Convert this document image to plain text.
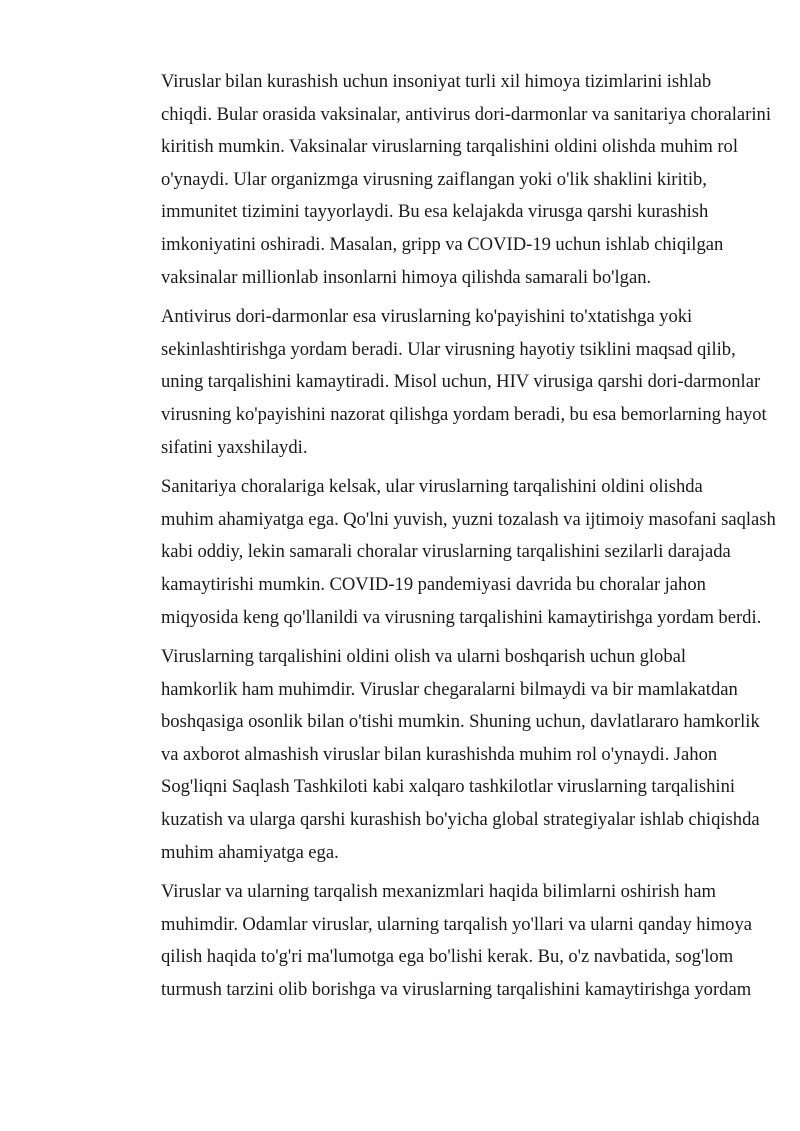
Viruslar bilan kurashish uchun insoniyat turli xil himoya tizimlarini ishlab
chiqdi. Bular orasida vaksinalar, antivirus dori-darmonlar va sanitariya choralarini
kiritish mumkin. Vaksinalar viruslarning tarqalishini oldini olishda muhim rol
o'ynaydi. Ular organizmga virusning zaiflangan yoki o'lik shaklini kiritib,
immunitet tizimini tayyorlaydi. Bu esa kelajakda virusga qarshi kurashish
imkoniyatini oshiradi. Masalan, gripp va COVID-19 uchun ishlab chiqilgan
vaksinalar millionlab insonlarni himoya qilishda samarali bo'lgan.

Antivirus dori-darmonlar esa viruslarning ko'payishini to'xtatishga yoki
sekinlashtirishga yordam beradi. Ular virusning hayotiy tsiklini maqsad qilib,
uning tarqalishini kamaytiradi. Misol uchun, HIV virusiga qarshi dori-darmonlar
virusning ko'payishini nazorat qilishga yordam beradi, bu esa bemorlarning hayot
sifatini yaxshilaydi.

Sanitariya choralariga kelsak, ular viruslarning tarqalishini oldini olishda
muhim ahamiyatga ega. Qo'lni yuvish, yuzni tozalash va ijtimoiy masofani saqlash
kabi oddiy, lekin samarali choralar viruslarning tarqalishini sezilarli darajada
kamaytirishi mumkin. COVID-19 pandemiyasi davrida bu choralar jahon
miqyosida keng qo'llanildi va virusning tarqalishini kamaytirishga yordam berdi.

Viruslarning tarqalishini oldini olish va ularni boshqarish uchun global
hamkorlik ham muhimdir. Viruslar chegaralarni bilmaydi va bir mamlakatdan
boshqasiga osonlik bilan o'tishi mumkin. Shuning uchun, davlatlararo hamkorlik
va axborot almashish viruslar bilan kurashishda muhim rol o'ynaydi. Jahon
Sog'liqni Saqlash Tashkiloti kabi xalqaro tashkilotlar viruslarning tarqalishini
kuzatish va ularga qarshi kurashish bo'yicha global strategiyalar ishlab chiqishda
muhim ahamiyatga ega.

Viruslar va ularning tarqalish mexanizmlari haqida bilimlarni oshirish ham
muhimdir. Odamlar viruslar, ularning tarqalish yo'llari va ularni qanday himoya
qilish haqida to'g'ri ma'lumotga ega bo'lishi kerak. Bu, o'z navbatida, sog'lom
turmush tarzini olib borishga va viruslarning tarqalishini kamaytirishga yordam
